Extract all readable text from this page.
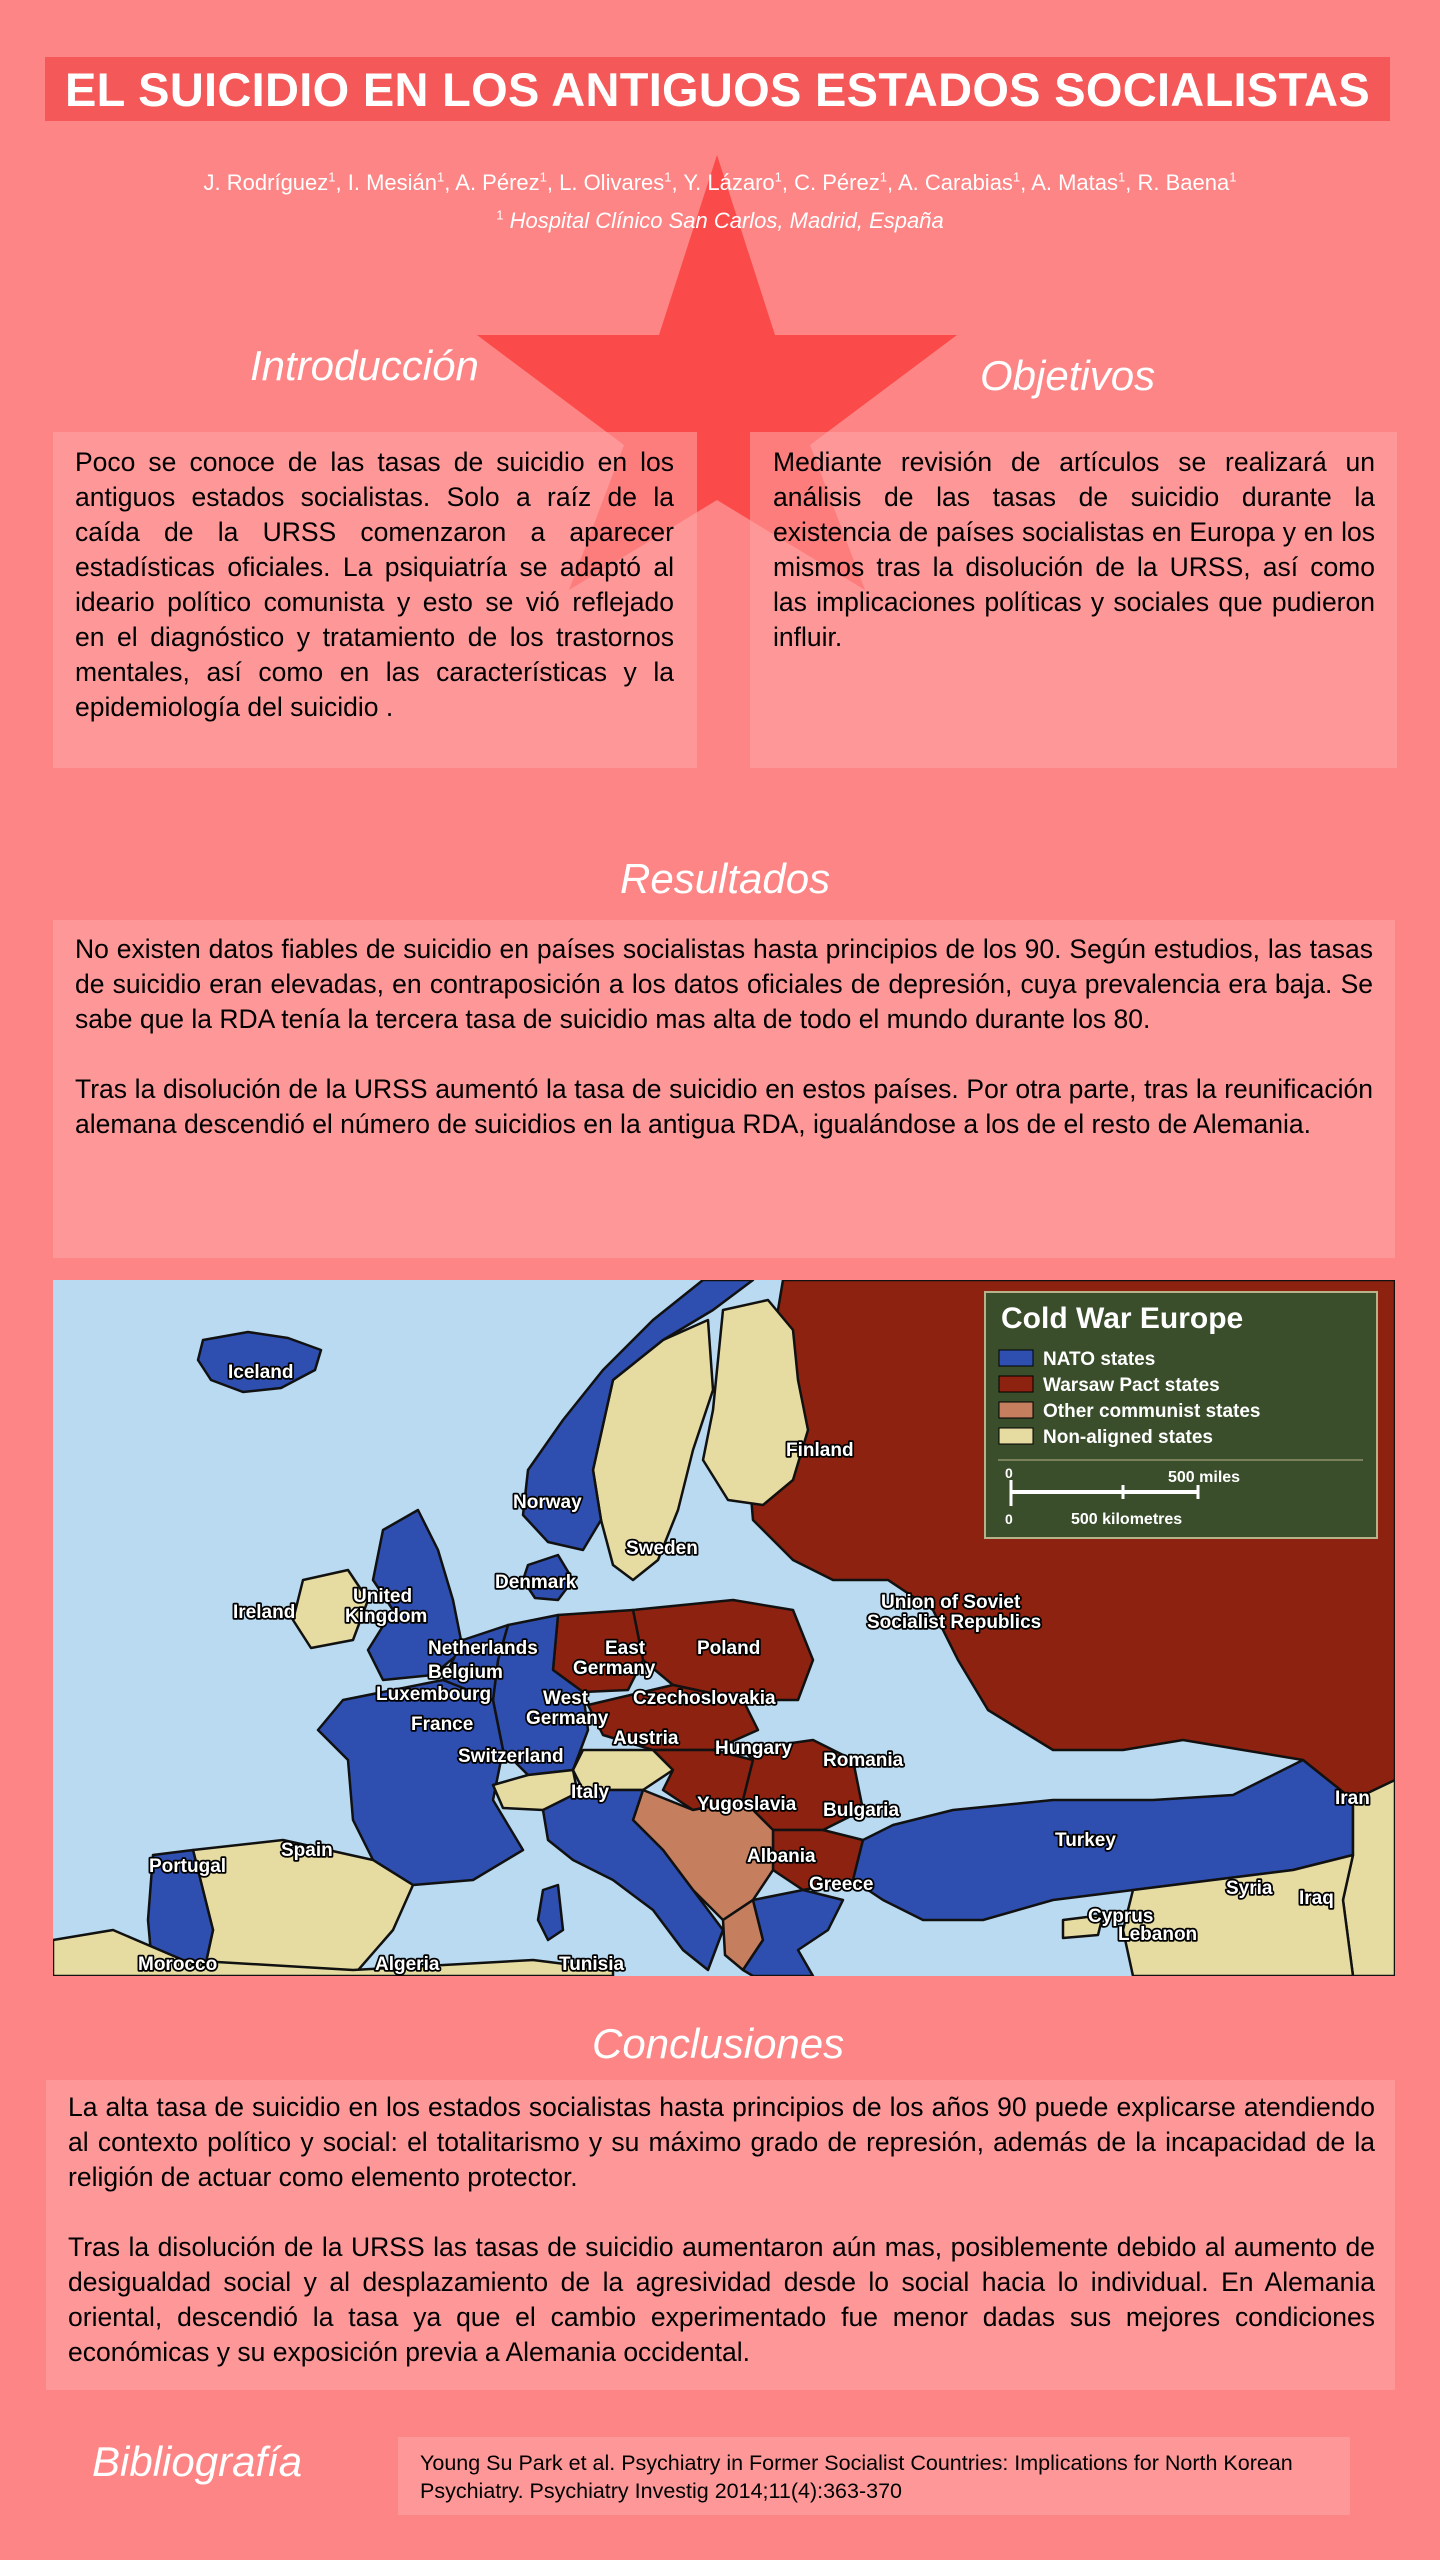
EL SUICIDIO EN LOS ANTIGUOS ESTADOS SOCIALISTAS
J. Rodríguez$^1$, I. Mesián$^1$, A. Pérez$^1$, L. Olivares$^1$, Y. Lázaro$^1$, C. Pérez$^1$, A. Carabias$^1$, A. Matas$^1$, R. Baena$^1$
$^1$ Hospital Clínico San Carlos, Madrid, España
Introducción
Poco se conoce de las tasas de suicidio en los antiguos estados socialistas. Solo a raíz de la caída de la URSS comenzaron a aparecer estadísticas oficiales. La psiquiatría se adaptó al ideario político comunista y esto se vió reflejado en el diagnóstico y tratamiento de los trastornos mentales, así como en las características y la epidemiología del suicidio .
Objetivos
Mediante revisión de artículos se realizará un análisis de las tasas de suicidio durante la existencia de países socialistas en Europa y en los mismos tras la disolución de la URSS, así como las implicaciones políticas y sociales que pudieron influir.
Resultados

No existen datos fiables de suicidio en países socialistas hasta principios de los 90. Según estudios, las tasas de suicidio eran elevadas, en contraposición a los datos oficiales de depresión, cuya prevalencia era baja. Se sabe que la RDA tenía la tercera tasa de suicidio mas alta de todo el mundo durante los 80.

Tras la disolución de la URSS aumentó la tasa de suicidio en estos países. Por otra parte, tras la reunificación alemana descendió el número de suicidios en la antigua RDA, igualándose a los de el resto de Alemania.

Cold War Europe
NATO states
Warsaw Pact states
Other communist states
Non-aligned states
0	500 miles
0	500 kilometres
Iceland
Finland
Norway
Sweden
Denmark
Union of Soviet
Socialist Republics
Ireland
United
Kingdom
Netherlands	East
Germany
Poland
Belgium
Luxembourg	West
Germany
Czechoslovakia
France
Austria Hungary
Switzerland	Romania
Italy
Yugoslavia Bulgaria
Iran
Portugal
Spain	Albania
Turkey
Greece	Syria Iraq
Cyprus
Lebanon
Morocco	Algeria	Tunisia
Conclusiones

La alta tasa de suicidio en los estados socialistas hasta principios de los años 90 puede explicarse atendiendo al contexto político y social: el totalitarismo y su máximo grado de represión, además de la incapacidad de la religión de actuar como elemento protector.

Tras la disolución de la URSS las tasas de suicidio aumentaron aún mas, posiblemente debido al aumento de desigualdad social y al desplazamiento de la agresividad desde lo social hacia lo individual. En Alemania oriental, descendió la tasa ya que el cambio experimentado fue menor dadas sus mejores condiciones económicas y su exposición previa a Alemania occidental.

Bibliografía	Young Su Park et al. Psychiatry in Former Socialist Countries: Implications for North Korean Psychiatry. Psychiatry Investig 2014;11(4):363-370
